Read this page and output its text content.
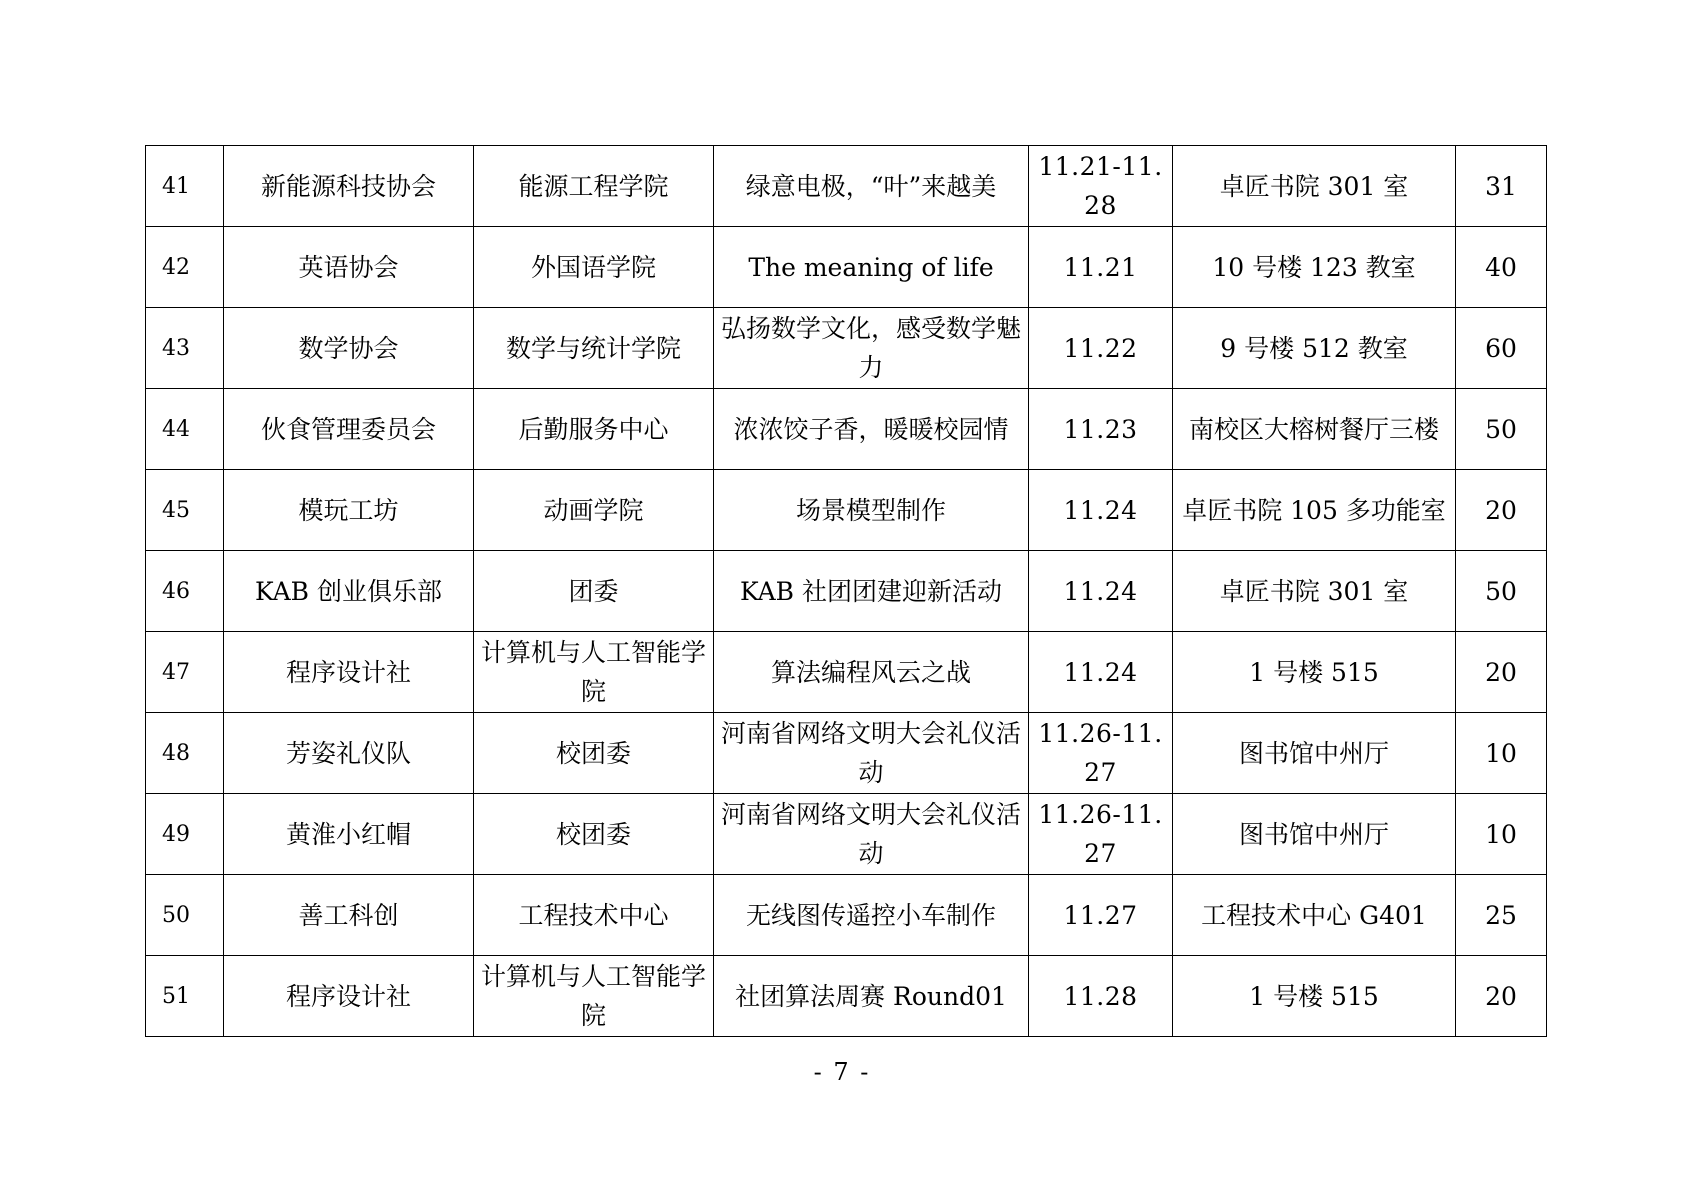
41	新能源科技协会	能源工程学院	绿意电极，“叶”来越美	11.21-11.28	卓匠书院 301 室	31
42	英语协会	外国语学院	The meaning of life	11.21	10 号楼 123 教室	40
43	数学协会	数学与统计学院	弘扬数学文化，感受数学魅力	11.22	9 号楼 512 教室	60
44	伙食管理委员会	后勤服务中心	浓浓饺子香，暖暖校园情	11.23	南校区大榕树餐厅三楼	50
45	模玩工坊	动画学院	场景模型制作	11.24	卓匠书院 105 多功能室	20
46	KAB 创业俱乐部	团委	KAB 社团团建迎新活动	11.24	卓匠书院 301 室	50
47	程序设计社	计算机与人工智能学院	算法编程风云之战	11.24	1 号楼 515	20
48	芳姿礼仪队	校团委	河南省网络文明大会礼仪活动	11.26-11.27	图书馆中州厅	10
49	黄淮小红帽	校团委	河南省网络文明大会礼仪活动	11.26-11.27	图书馆中州厅	10
50	善工科创	工程技术中心	无线图传遥控小车制作	11.27	工程技术中心 G401	25
51	程序设计社	计算机与人工智能学院	社团算法周赛 Round01	11.28	1 号楼 515	20
- 7 -
